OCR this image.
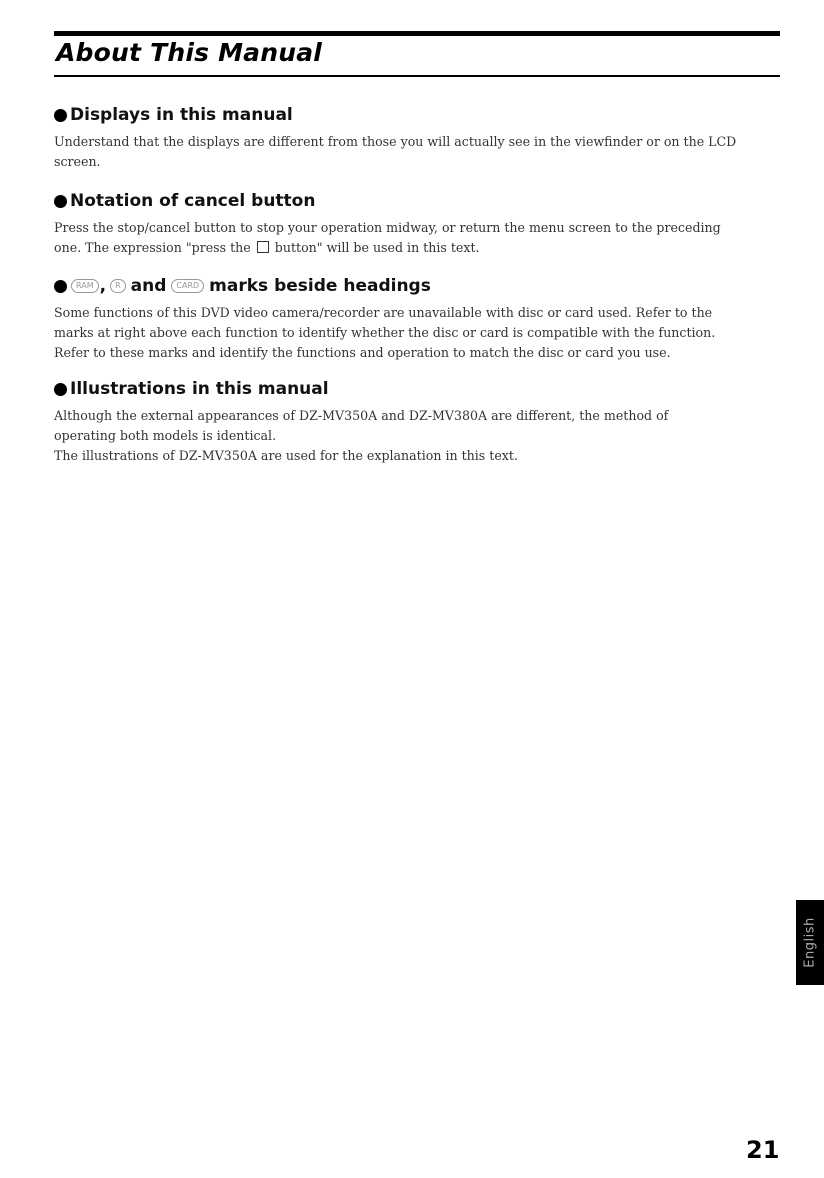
About This Manual
Displays in this manual

Understand that the displays are different from those you will actually see in the viewfinder or on the LCD
screen.

Notation of cancel button

Press the stop/cancel button to stop your operation midway, or return the menu screen to the preceding
one. The expression "press the button" will be used in this text.

RAM ,	R and	CARD marks beside headings

Some functions of this DVD video camera/recorder are unavailable with disc or card used. Refer to the
marks at right above each function to identify whether the disc or card is compatible with the function.
Refer to these marks and identify the functions and operation to match the disc or card you use.

Illustrations in this manual

Although the external appearances of DZ-MV350A and DZ-MV380A are different, the method of
operating both models is identical.
The illustrations of DZ-MV350A are used for the explanation in this text.

English

21
